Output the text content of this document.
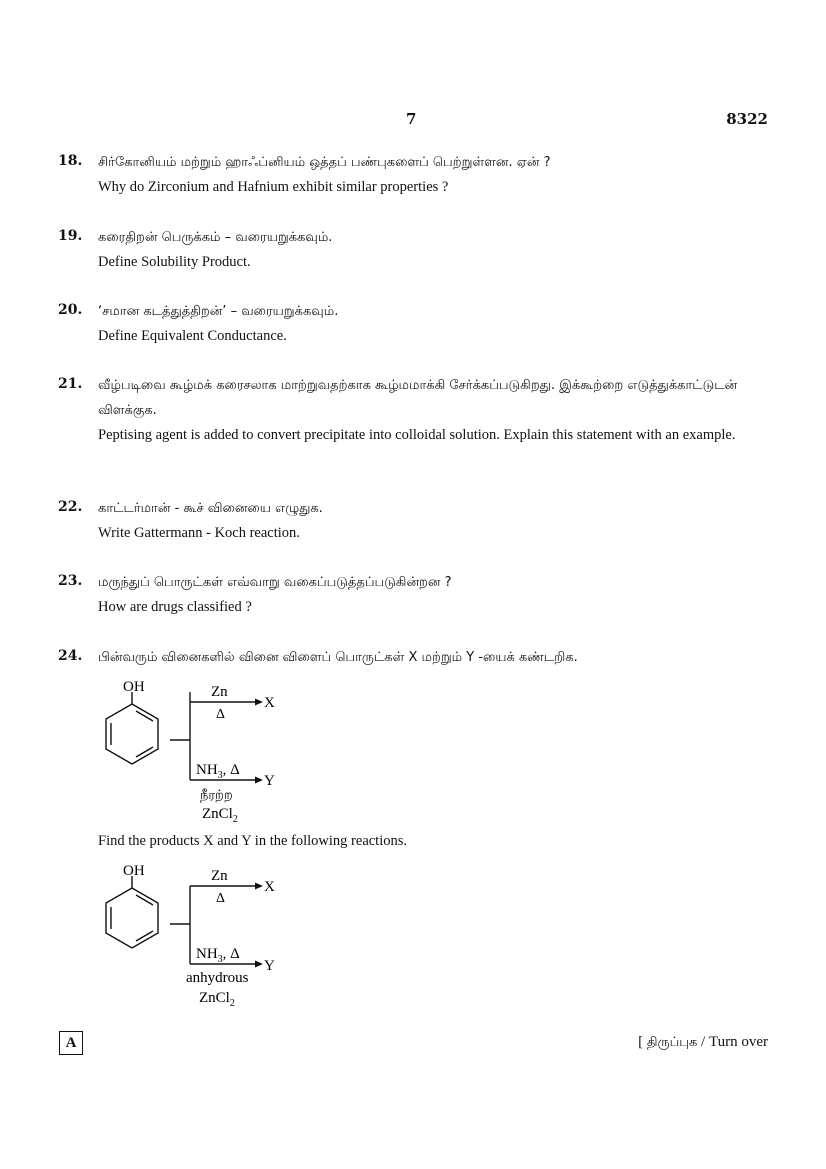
7	8322
18.	சிர்கோனியம் மற்றும் ஹாஃப்னியம் ஒத்தப் பண்புகளைப் பெற்றுள்ளன. ஏன் ?
Why do Zirconium and Hafnium exhibit similar properties ?
19.	கரைதிறன் பெருக்கம் – வரையறுக்கவும்.
Define Solubility Product.
20.	‘சமான கடத்துத்திறன்’ – வரையறுக்கவும்.
Define Equivalent Conductance.
21.	வீழ்படிவை கூழ்மக் கரைசலாக மாற்றுவதற்காக கூழ்மமாக்கி சேர்க்கப்படுகிறது. இக்கூற்றை எடுத்துக்காட்டுடன் விளக்குக.
Peptising agent is added to convert precipitate into colloidal solution. Explain this statement with an example.
22.	காட்டர்மான் - கூச் வினையை எழுதுக.
Write Gattermann - Koch reaction.
23.	மருந்துப் பொருட்கள் எவ்வாறு வகைப்படுத்தப்படுகின்றன ?
How are drugs classified ?
24.	பின்வரும் வினைகளில் வினை விளைப் பொருட்கள் X மற்றும் Y -யைக் கண்டறிக.
OH	Zn
Δ
X
$NH_3$, Δ
Y
நீரற்ற
ZnCl$_2$
Find the products X and Y in the following reactions.
OH	Zn
Δ
X
$NH_3$, Δ
Y
anhydrous
ZnCl$_2$
A	[ திருப்புக / Turn over
